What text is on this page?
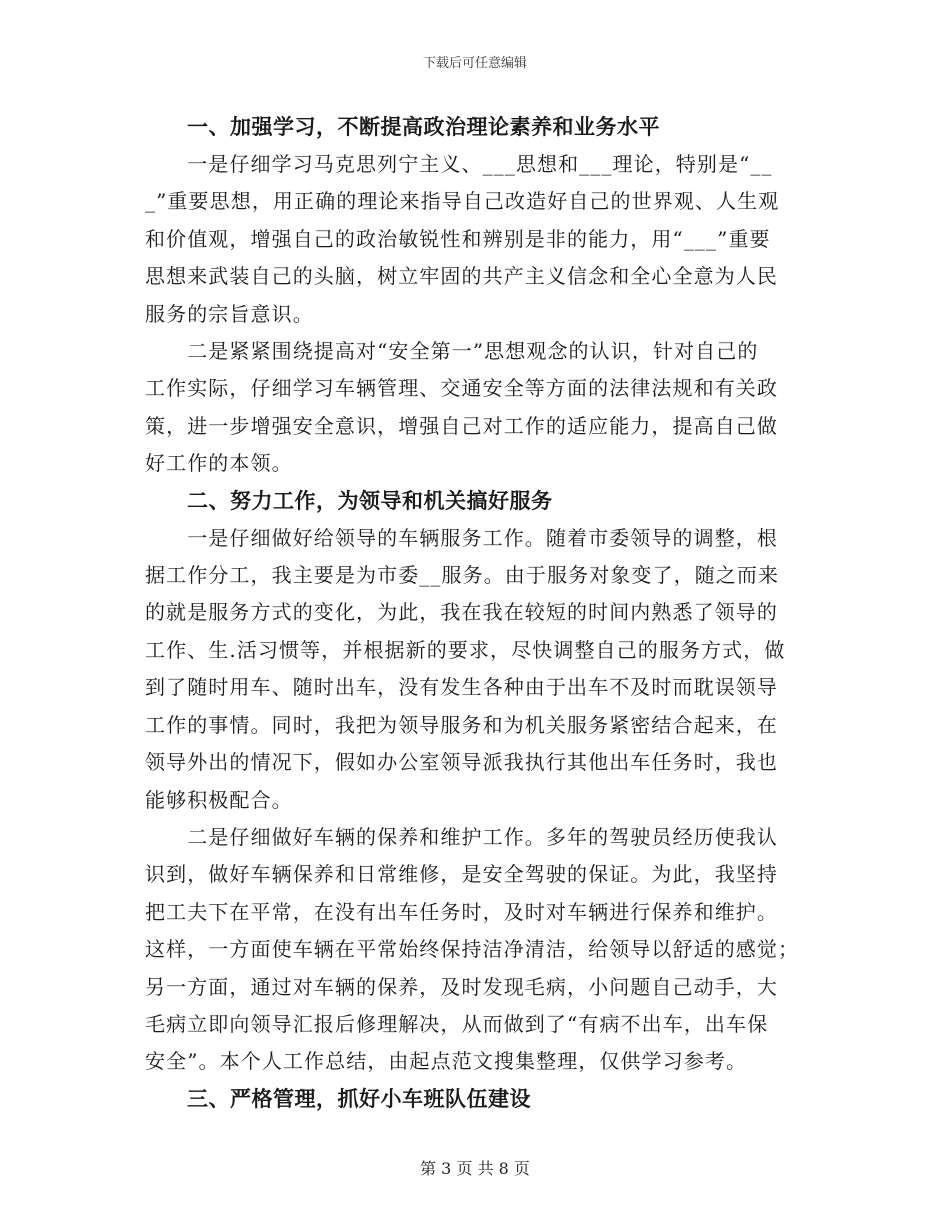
下载后可任意编辑
一、加强学习，不断提高政治理论素养和业务水平

　　一是仔细学习马克思列宁主义、___思想和___理论，特别是“__
_”重要思想，用正确的理论来指导自己改造好自己的世界观、人生观
和价值观，增强自己的政治敏锐性和辨别是非的能力，用“___”重要
思想来武装自己的头脑，树立牢固的共产主义信念和全心全意为人民
服务的宗旨意识。

　　二是紧紧围绕提高对“安全第一”思想观念的认识，针对自己的
工作实际，仔细学习车辆管理、交通安全等方面的法律法规和有关政
策，进一步增强安全意识，增强自己对工作的适应能力，提高自己做
好工作的本领。

二、努力工作，为领导和机关搞好服务

　　一是仔细做好给领导的车辆服务工作。随着市委领导的调整，根
据工作分工，我主要是为市委__服务。由于服务对象变了，随之而来
的就是服务方式的变化，为此，我在我在较短的时间内熟悉了领导的
工作、生.活习惯等，并根据新的要求，尽快调整自己的服务方式，做
到了随时用车、随时出车，没有发生各种由于出车不及时而耽误领导
工作的事情。同时，我把为领导服务和为机关服务紧密结合起来，在
领导外出的情况下，假如办公室领导派我执行其他出车任务时，我也
能够积极配合。

　　二是仔细做好车辆的保养和维护工作。多年的驾驶员经历使我认
识到，做好车辆保养和日常维修，是安全驾驶的保证。为此，我坚持
把工夫下在平常，在没有出车任务时，及时对车辆进行保养和维护。
这样，一方面使车辆在平常始终保持洁净清洁，给领导以舒适的感觉；
另一方面，通过对车辆的保养，及时发现毛病，小问题自己动手，大
毛病立即向领导汇报后修理解决，从而做到了“有病不出车，出车保
安全”。本个人工作总结，由起点范文搜集整理，仅供学习参考。

三、严格管理，抓好小车班队伍建设
第 3 页 共 8 页
